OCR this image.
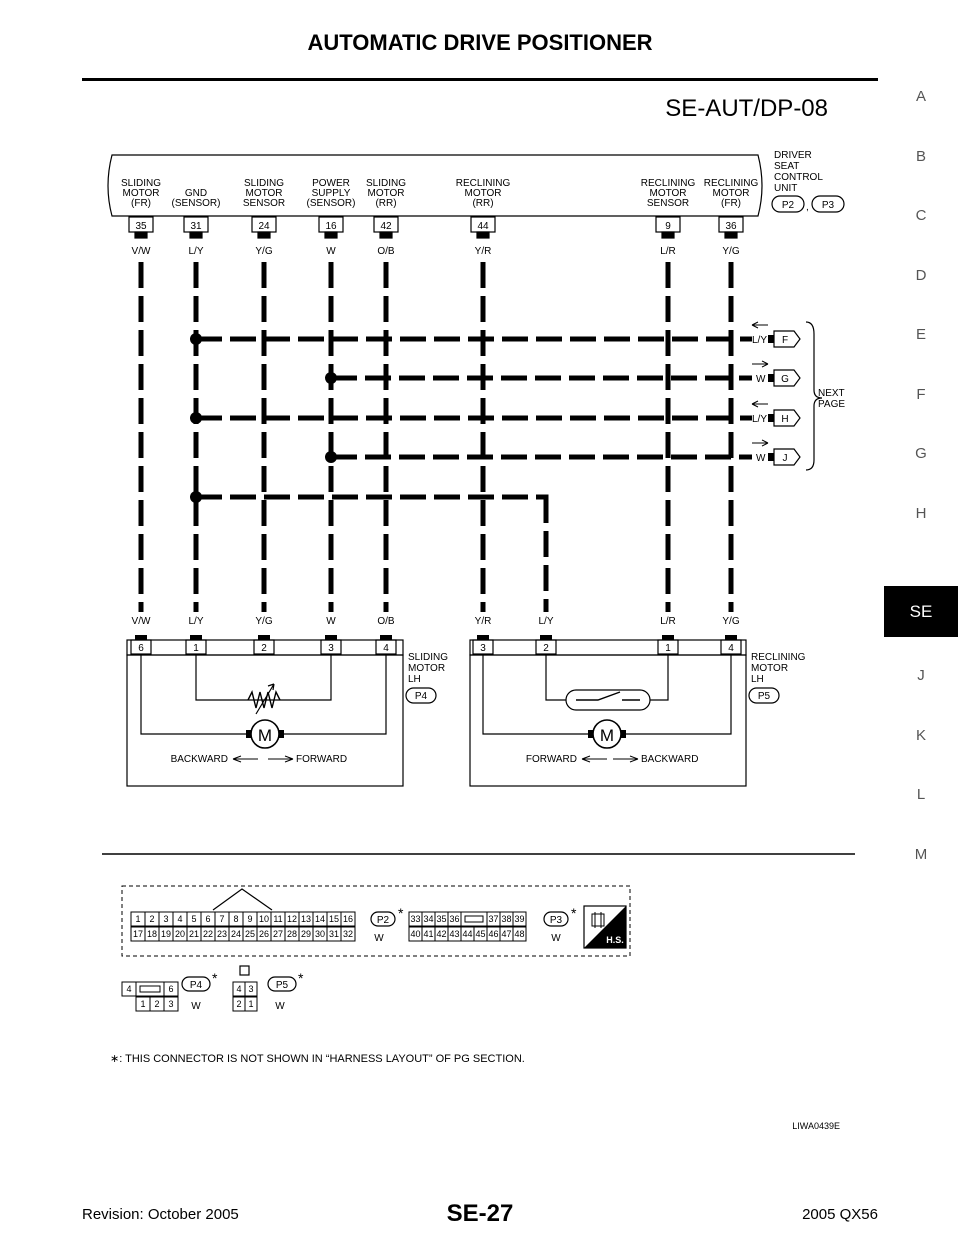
AUTOMATIC DRIVE POSITIONER
SE-AUT/DP-08	A
B
C
D
E
F
G
H
SE
J
K
L
M
DRIVER
SEAT
CONTROL
UNIT
P2 , P3
SLIDING
MOTOR
(FR)
GND
(SENSOR)
SLIDING
MOTOR
SENSOR
POWER
SUPPLY
(SENSOR)
SLIDING
MOTOR
(RR)
RECLINING
MOTOR
(RR)
RECLINING
MOTOR
SENSOR
RECLINING
MOTOR
(FR)
35	31	24	16	42	44	9	36
V/W	L/Y	Y/G	W	O/B	Y/R	L/R	Y/G
L/Y F
W G
L/Y H
W J
NEXT
PAGE
V/W	L/Y	Y/G	W	O/B	Y/R	L/Y	L/R	Y/G
6	1	2	3	4
M
BACKWARD	FORWARD
SLIDING
MOTOR
LH
P4
3	2	1	4
M
FORWARD	BACKWARD
RECLINING
MOTOR
LH
P5
1 2 3 4 5 6 7 8 9 10 11 12 13 14 15 16
17 18 19 20 21 22 23 24 25 26 27 28 29 30 31 32
33 34 35 36	37 38 39
40 41 42 43 44 45 46 47 48
P2 *
W
P3 *
W	H.S.
4	6
1 2 3
P4 *
W
4 3
2 1
P5 *
W
∗: THIS CONNECTOR IS NOT SHOWN IN “HARNESS LAYOUT” OF PG SECTION.
LIWA0439E
Revision: October 2005	SE-27	2005 QX56
